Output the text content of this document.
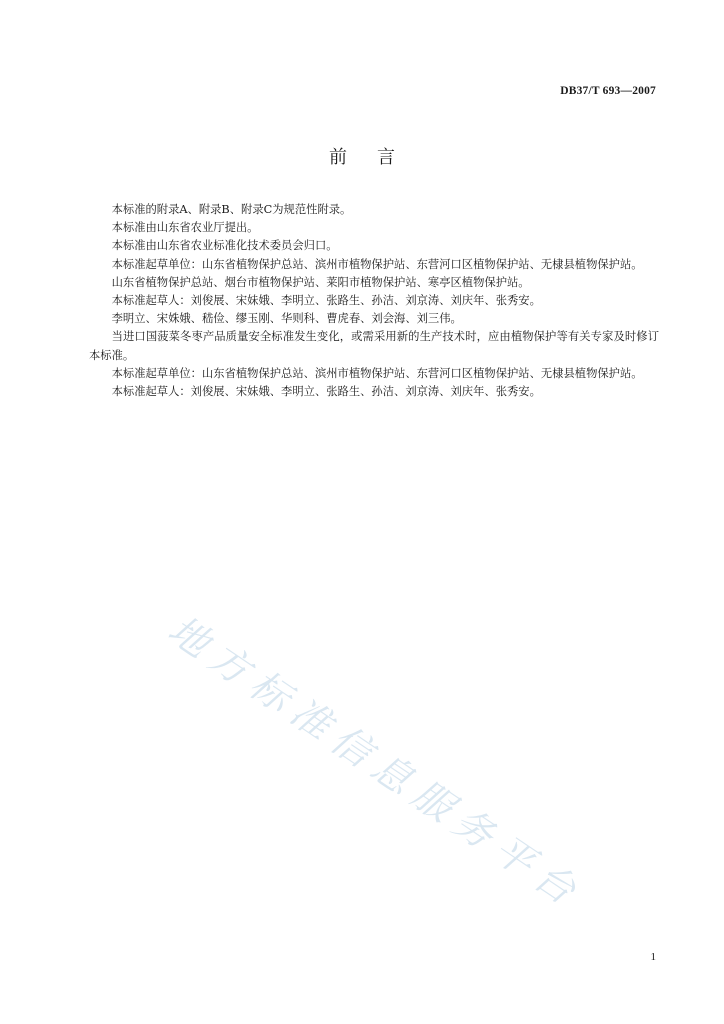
DB37/T 693—2007
前言

本标准的附录A、附录B、附录C为规范性附录。

本标准由山东省农业厅提出。

本标准由山东省农业标准化技术委员会归口。

本标准起草单位：山东省植物保护总站、滨州市植物保护站、东营河口区植物保护站、无棣县植物保护站。

山东省植物保护总站、烟台市植物保护站、莱阳市植物保护站、寒亭区植物保护站。

本标准起草人：刘俊展、宋妹娥、李明立、张路生、孙洁、刘京涛、刘庆年、张秀安。

李明立、宋姝娥、嵇俭、缪玉刚、华则科、曹虎春、刘会海、刘三伟。

当进口国菠菜冬枣产品质量安全标准发生变化，或需采用新的生产技术时，应由植物保护等有关专家及时修订本标准。

本标准起草单位：山东省植物保护总站、滨州市植物保护站、东营河口区植物保护站、无棣县植物保护站。

本标准起草人：刘俊展、宋妹娥、李明立、张路生、孙洁、刘京涛、刘庆年、张秀安。

地方标准信息服务平台
1
